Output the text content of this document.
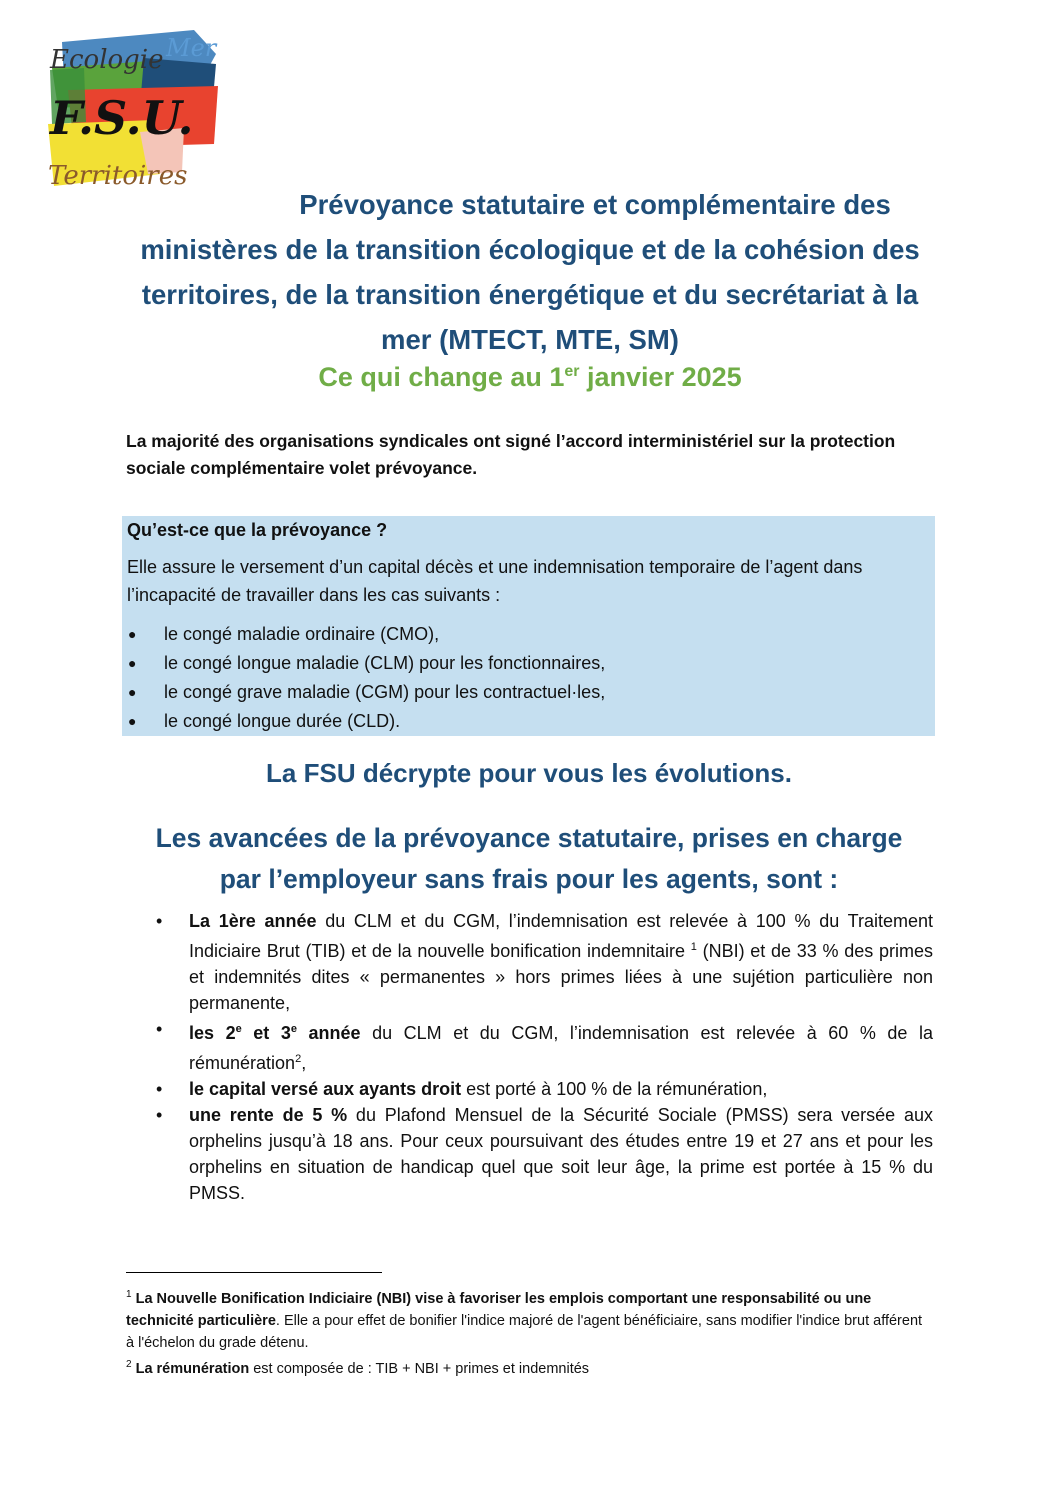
Ecologie Mer
F.S.U.
Territoires
Prévoyance statutaire et complémentaire des
ministères de la transition écologique et de la cohésion des
territoires, de la transition énergétique et du secrétariat à la
mer (MTECT, MTE, SM)
Ce qui change au 1er janvier 2025
La majorité des organisations syndicales ont signé l’accord interministériel sur la protection sociale complémentaire volet prévoyance.
Qu’est-ce que la prévoyance ?
Elle assure le versement d’un capital décès et une indemnisation temporaire de l’agent dans l’incapacité de travailler dans les cas suivants :
● le congé maladie ordinaire (CMO),
● le congé longue maladie (CLM) pour les fonctionnaires,
● le congé grave maladie (CGM) pour les contractuel·les,
● le congé longue durée (CLD).
La FSU décrypte pour vous les évolutions.
Les avancées de la prévoyance statutaire, prises en charge
par l’employeur sans frais pour les agents, sont :
• La 1ère année du CLM et du CGM, l’indemnisation est relevée à 100 % du Traitement Indiciaire Brut (TIB) et de la nouvelle bonification indemnitaire $^1$ (NBI) et de 33 % des primes et indemnités dites « permanentes » hors primes liées à une sujétion particulière non permanente,
• les 2e et 3e année du CLM et du CGM, l’indemnisation est relevée à 60 % de la rémunération$^2$,
• le capital versé aux ayants droit est porté à 100 % de la rémunération,
• une rente de 5 % du Plafond Mensuel de la Sécurité Sociale (PMSS) sera versée aux orphelins jusqu’à 18 ans. Pour ceux poursuivant des études entre 19 et 27 ans et pour les orphelins en situation de handicap quel que soit leur âge, la prime est portée à 15 % du PMSS.

$^1$ La Nouvelle Bonification Indiciaire (NBI) vise à favoriser les emplois comportant une responsabilité ou une technicité particulière. Elle a pour effet de bonifier l'indice majoré de l'agent bénéficiaire, sans modifier l'indice brut afférent à l'échelon du grade détenu.

$^2$ La rémunération est composée de : TIB + NBI + primes et indemnités
